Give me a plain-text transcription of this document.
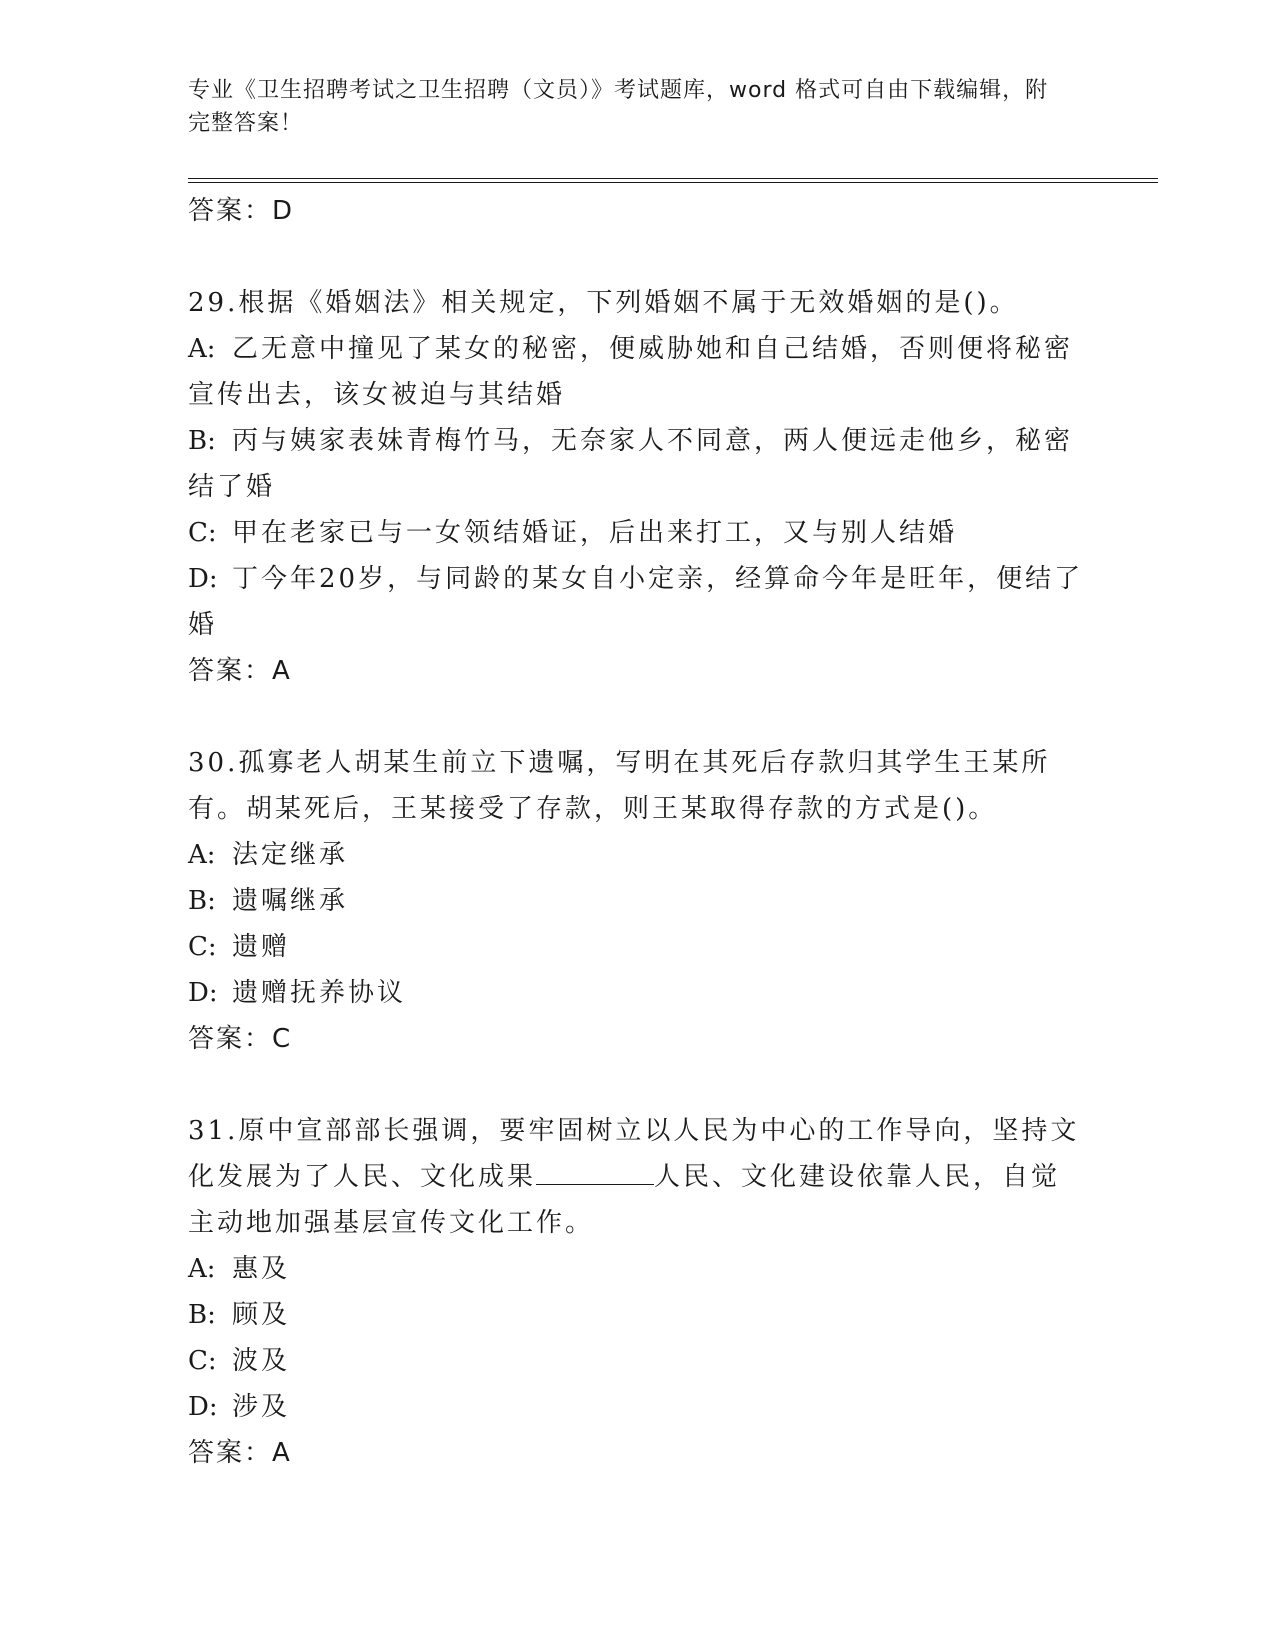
专业《卫生招聘考试之卫生招聘（文员）》考试题库，word 格式可自由下载编辑，附完整答案！

答案：D

29.根据《婚姻法》相关规定，下列婚姻不属于无效婚姻的是()。

A: 乙无意中撞见了某女的秘密，便威胁她和自己结婚，否则便将秘密宣传出去，该女被迫与其结婚

B: 丙与姨家表妹青梅竹马，无奈家人不同意，两人便远走他乡，秘密结了婚

C: 甲在老家已与一女领结婚证，后出来打工，又与别人结婚

D: 丁今年20岁，与同龄的某女自小定亲，经算命今年是旺年，便结了婚

答案：A

30.孤寡老人胡某生前立下遗嘱，写明在其死后存款归其学生王某所有。胡某死后，王某接受了存款，则王某取得存款的方式是()。

A: 法定继承

B: 遗嘱继承

C: 遗赠

D: 遗赠抚养协议

答案：C

31.原中宣部部长强调，要牢固树立以人民为中心的工作导向，坚持文化发展为了人民、文化成果	人民、文化建设依靠人民，自觉主动地加强基层宣传文化工作。

A: 惠及

B: 顾及

C: 波及

D: 涉及

答案：A
